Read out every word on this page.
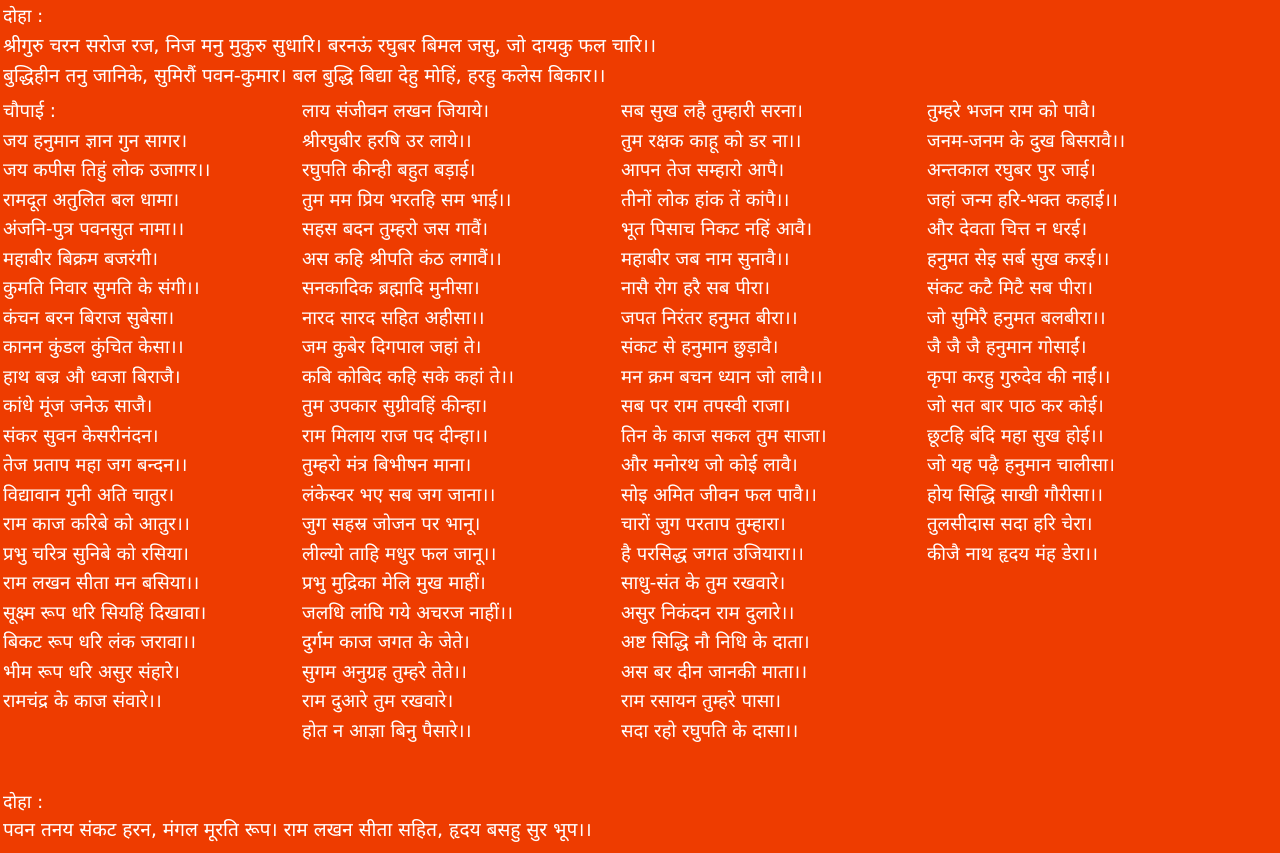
दोहा :
श्रीगुरु चरन सरोज रज, निज मनु मुकुरु सुधारि। बरनऊं रघुबर बिमल जसु, जो दायकु फल चारि।।
बुद्धिहीन तनु जानिके, सुमिरौं पवन-कुमार। बल बुद्धि बिद्या देहु मोहिं, हरहु कलेस बिकार।।
चौपाई :
जय हनुमान ज्ञान गुन सागर।
जय कपीस तिहुं लोक उजागर।।
रामदूत अतुलित बल धामा।
अंजनि-पुत्र पवनसुत नामा।।
महाबीर बिक्रम बजरंगी।
कुमति निवार सुमति के संगी।।
कंचन बरन बिराज सुबेसा।
कानन कुंडल कुंचित केसा।।
हाथ बज्र औ ध्वजा बिराजै।
कांधे मूंज जनेऊ साजै।
संकर सुवन केसरीनंदन।
तेज प्रताप महा जग बन्दन।।
विद्यावान गुनी अति चातुर।
राम काज करिबे को आतुर।।
प्रभु चरित्र सुनिबे को रसिया।
राम लखन सीता मन बसिया।।
सूक्ष्म रूप धरि सियहिं दिखावा।
बिकट रूप धरि लंक जरावा।।
भीम रूप धरि असुर संहारे।
रामचंद्र के काज संवारे।।
लाय संजीवन लखन जियाये।
श्रीरघुबीर हरषि उर लाये।।
रघुपति कीन्ही बहुत बड़ाई।
तुम मम प्रिय भरतहि सम भाई।।
सहस बदन तुम्हरो जस गावैं।
अस कहि श्रीपति कंठ लगावैं।।
सनकादिक ब्रह्मादि मुनीसा।
नारद सारद सहित अहीसा।।
जम कुबेर दिगपाल जहां ते।
कबि कोबिद कहि सके कहां ते।।
तुम उपकार सुग्रीवहिं कीन्हा।
राम मिलाय राज पद दीन्हा।।
तुम्हरो मंत्र बिभीषन माना।
लंकेस्वर भए सब जग जाना।।
जुग सहस्र जोजन पर भानू।
लील्यो ताहि मधुर फल जानू।।
प्रभु मुद्रिका मेलि मुख माहीं।
जलधि लांघि गये अचरज नाहीं।।
दुर्गम काज जगत के जेते।
सुगम अनुग्रह तुम्हरे तेते।।
राम दुआरे तुम रखवारे।
होत न आज्ञा बिनु पैसारे।।
सब सुख लहै तुम्हारी सरना।
तुम रक्षक काहू को डर ना।।
आपन तेज सम्हारो आपै।
तीनों लोक हांक तें कांपै।।
भूत पिसाच निकट नहिं आवै।
महाबीर जब नाम सुनावै।।
नासै रोग हरै सब पीरा।
जपत निरंतर हनुमत बीरा।।
संकट से हनुमान छुड़ावै।
मन क्रम बचन ध्यान जो लावै।।
सब पर राम तपस्वी राजा।
तिन के काज सकल तुम साजा।
और मनोरथ जो कोई लावै।
सोइ अमित जीवन फल पावै।।
चारों जुग परताप तुम्हारा।
है परसिद्ध जगत उजियारा।।
साधु-संत के तुम रखवारे।
असुर निकंदन राम दुलारे।।
अष्ट सिद्धि नौ निधि के दाता।
अस बर दीन जानकी माता।।
राम रसायन तुम्हरे पासा।
सदा रहो रघुपति के दासा।।
तुम्हरे भजन राम को पावै।
जनम-जनम के दुख बिसरावै।।
अन्तकाल रघुबर पुर जाई।
जहां जन्म हरि-भक्त कहाई।।
और देवता चित्त न धरई।
हनुमत सेइ सर्ब सुख करई।।
संकट कटै मिटै सब पीरा।
जो सुमिरै हनुमत बलबीरा।।
जै जै जै हनुमान गोसाईं।
कृपा करहु गुरुदेव की नाईं।।
जो सत बार पाठ कर कोई।
छूटहि बंदि महा सुख होई।।
जो यह पढ़ै हनुमान चालीसा।
होय सिद्धि साखी गौरीसा।।
तुलसीदास सदा हरि चेरा।
कीजै नाथ हृदय मंह डेरा।।
दोहा :
पवन तनय संकट हरन, मंगल मूरति रूप। राम लखन सीता सहित, हृदय बसहु सुर भूप।।
